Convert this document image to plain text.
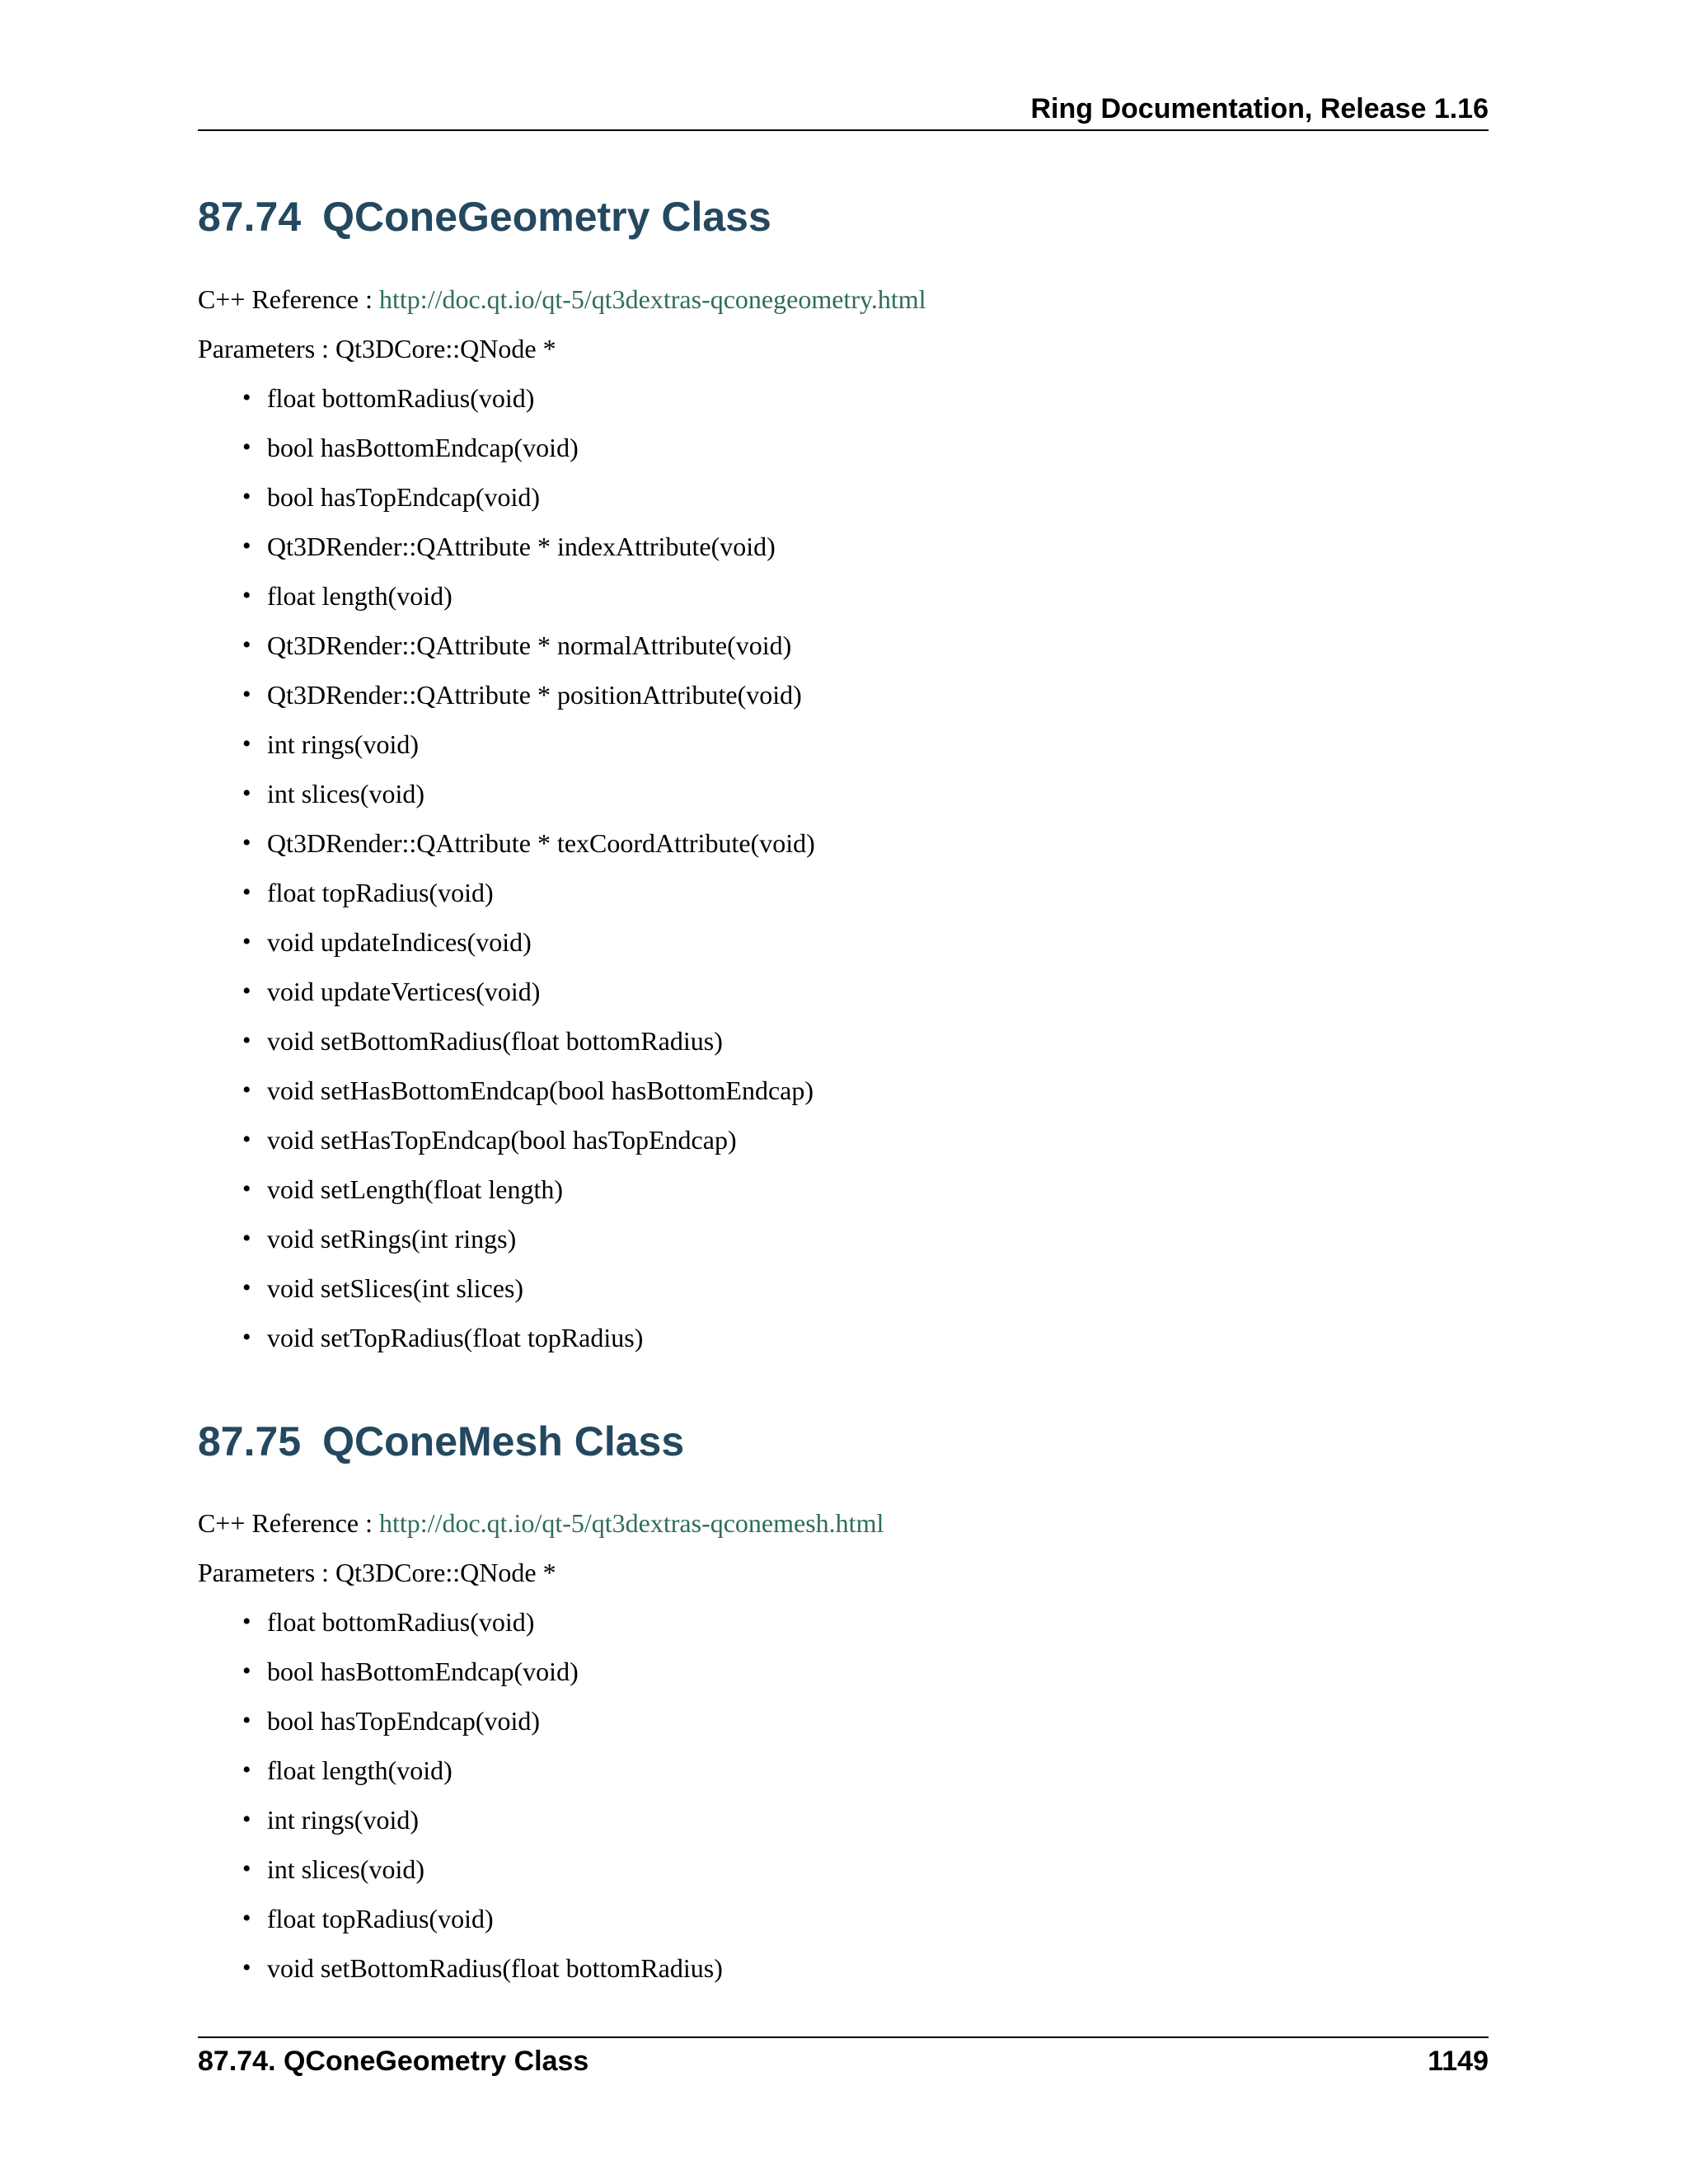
Ring Documentation, Release 1.16
87.74 QConeGeometry Class
C++ Reference : http://doc.qt.io/qt-5/qt3dextras-qconegeometry.html
Parameters : Qt3DCore::QNode *
• float bottomRadius(void)
• bool hasBottomEndcap(void)
• bool hasTopEndcap(void)
• Qt3DRender::QAttribute * indexAttribute(void)
• float length(void)
• Qt3DRender::QAttribute * normalAttribute(void)
• Qt3DRender::QAttribute * positionAttribute(void)
• int rings(void)
• int slices(void)
• Qt3DRender::QAttribute * texCoordAttribute(void)
• float topRadius(void)
• void updateIndices(void)
• void updateVertices(void)
• void setBottomRadius(float bottomRadius)
• void setHasBottomEndcap(bool hasBottomEndcap)
• void setHasTopEndcap(bool hasTopEndcap)
• void setLength(float length)
• void setRings(int rings)
• void setSlices(int slices)
• void setTopRadius(float topRadius)
87.75 QConeMesh Class
C++ Reference : http://doc.qt.io/qt-5/qt3dextras-qconemesh.html
Parameters : Qt3DCore::QNode *
• float bottomRadius(void)
• bool hasBottomEndcap(void)
• bool hasTopEndcap(void)
• float length(void)
• int rings(void)
• int slices(void)
• float topRadius(void)
• void setBottomRadius(float bottomRadius)
87.74. QConeGeometry Class	1149
